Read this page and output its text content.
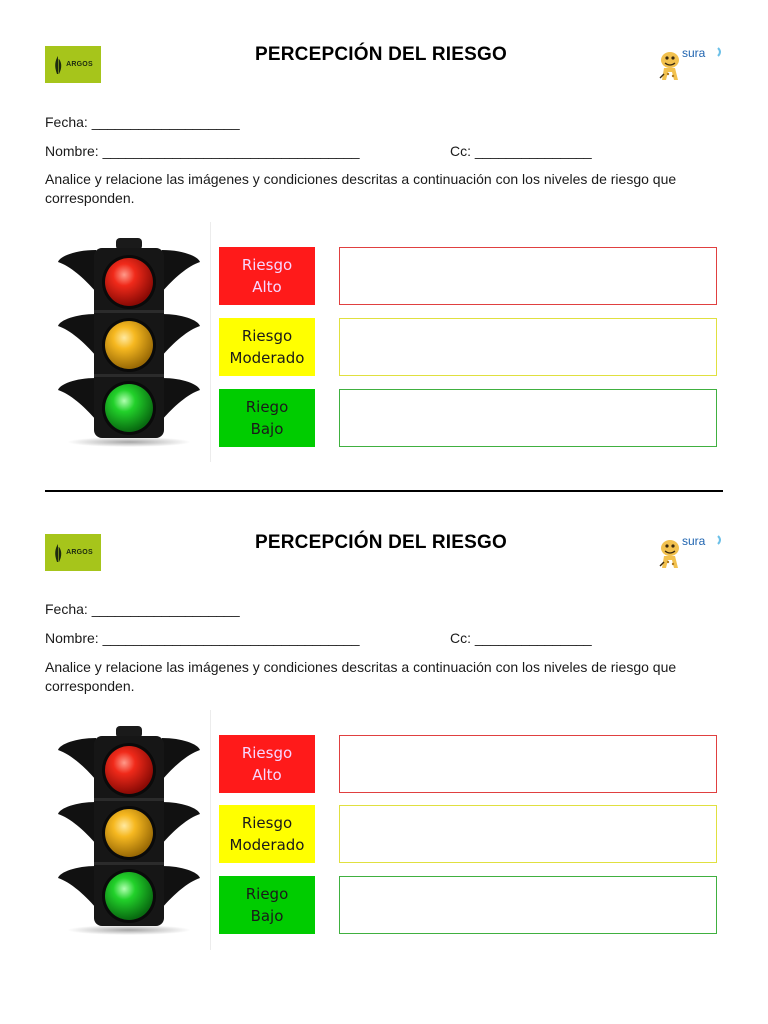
ARGOS	PERCEPCIÓN DEL RIESGO	sura
Fecha: ___________________
Nombre: _________________________________	Cc: _______________
Analice y relacione las imágenes y condiciones descritas a continuación con los niveles de riesgo que corresponden.
Riesgo
Alto
Riesgo
Moderado
Riego
Bajo
ARGOS	PERCEPCIÓN DEL RIESGO	sura
Fecha: ___________________
Nombre: _________________________________	Cc: _______________
Analice y relacione las imágenes y condiciones descritas a continuación con los niveles de riesgo que corresponden.
Riesgo
Alto
Riesgo
Moderado
Riego
Bajo
